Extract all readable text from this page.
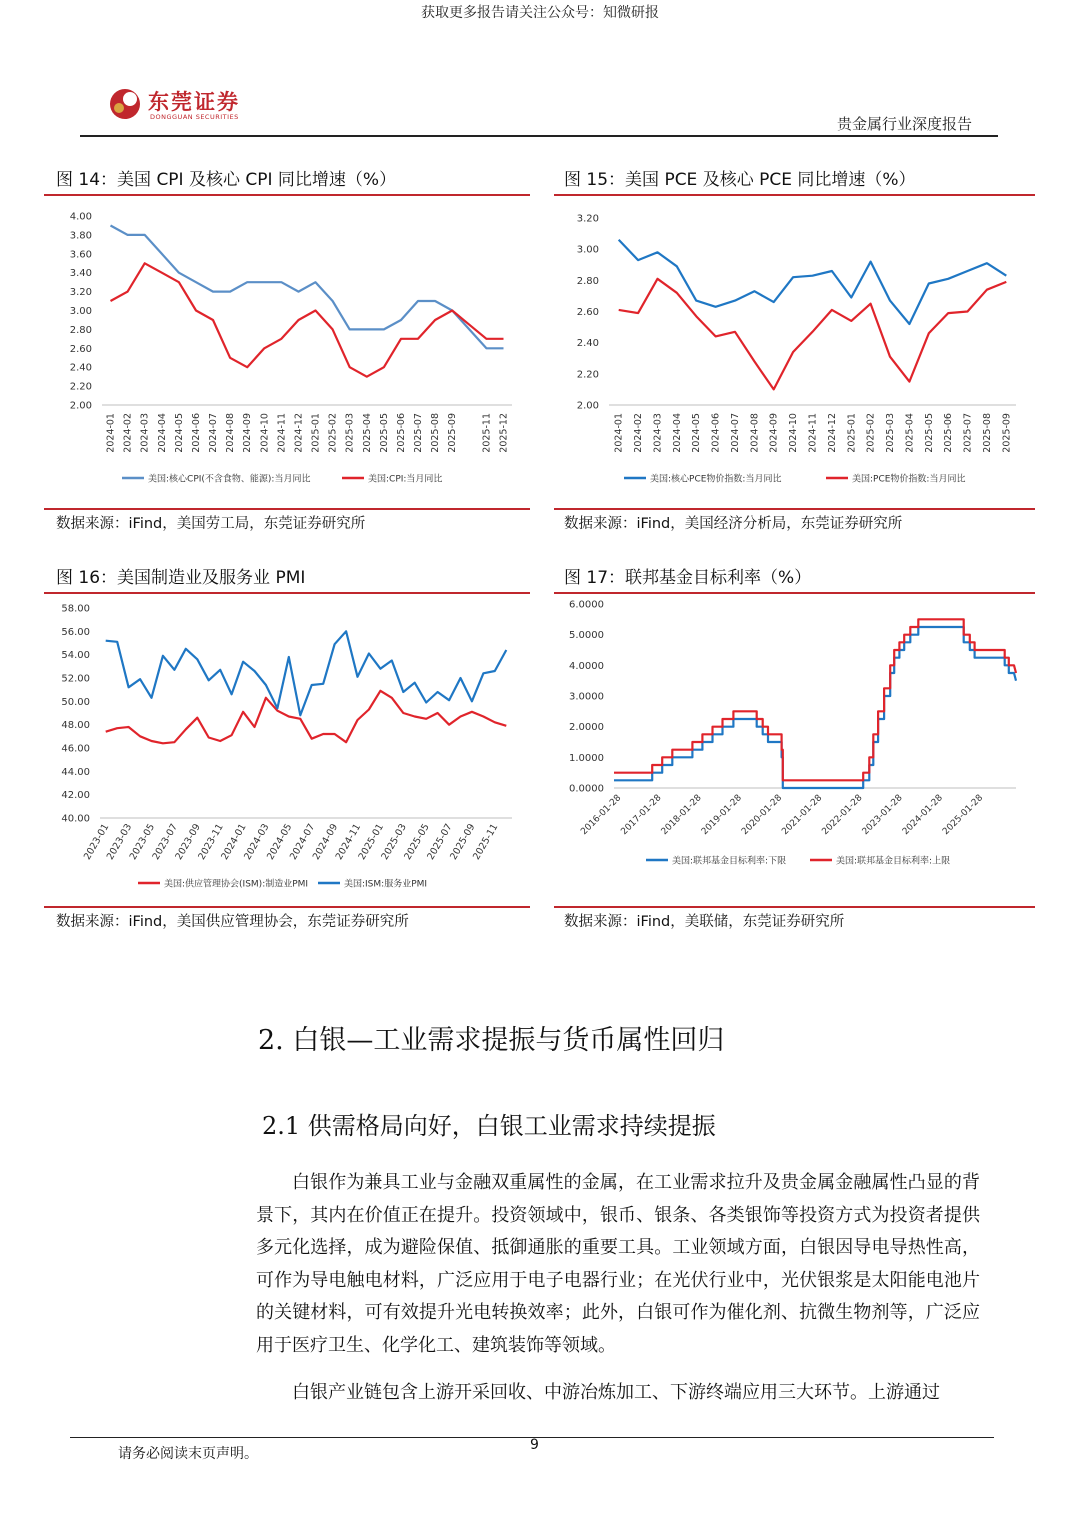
获取更多报告请关注公众号：知微研报
东莞证券
DONGGUAN SECURITIES	贵金属行业深度报告
图 14：美国 CPI 及核心 CPI 同比增速（%）
4.00
3.80
3.60
3.40
3.20
3.00
2.80
2.60
2.40
2.20
2.00
2024-01 2024-02 2024-03 2024-04 2024-05 2024-06 2024-07 2024-08 2024-09 2024-10 2024-11 2024-12 2025-01 2025-02 2025-03 2025-04 2025-05 2025-06 2025-07 2025-08 2025-09 2025-11 2025-12
美国:核心CPI(不含食物、能源):当月同比	美国:CPI:当月同比
数据来源：iFind，美国劳工局，东莞证券研究所
图 15：美国 PCE 及核心 PCE 同比增速（%）
3.20
3.00
2.80
2.60
2.40
2.20
2.00
2024-01 2024-02 2024-03 2024-04 2024-05 2024-06 2024-07 2024-08 2024-09 2024-10 2024-11 2024-12 2025-01 2025-02 2025-03 2025-04 2025-05 2025-06 2025-07 2025-08 2025-09
美国:核心PCE物价指数:当月同比	美国:PCE物价指数:当月同比
数据来源：iFind，美国经济分析局，东莞证券研究所
图 16：美国制造业及服务业 PMI
58.00
56.00
54.00
52.00
50.00
48.00
46.00
44.00
42.00
40.00
2023-01
2023-03
2023-05
2023-07
2023-09
2023-11
2024-01
2024-03
2024-05
2024-07
2024-09
2024-11
2025-01
2025-03
2025-05
2025-07
2025-09
2025-11
美国:供应管理协会(ISM):制造业PMI	美国:ISM:服务业PMI
数据来源：iFind，美国供应管理协会，东莞证券研究所
图 17：联邦基金目标利率（%）
6.0000
5.0000
4.0000
3.0000
2.0000
1.0000
0.0000
2016-01-28
2017-01-28
2018-01-28
2019-01-28
2020-01-28
2021-01-28
2022-01-28
2023-01-28
2024-01-28
2025-01-28
美国:联邦基金目标利率:下限	美国:联邦基金目标利率:上限
数据来源：iFind，美联储，东莞证券研究所
2. 白银—工业需求提振与货币属性回归
2.1 供需格局向好，白银工业需求持续提振
白银作为兼具工业与金融双重属性的金属，在工业需求拉升及贵金属金融属性凸显的背景下，其内在价值正在提升。投资领域中，银币、银条、各类银饰等投资方式为投资者提供多元化选择，成为避险保值、抵御通胀的重要工具。工业领域方面，白银因导电导热性高，可作为导电触电材料，广泛应用于电子电器行业；在光伏行业中，光伏银浆是太阳能电池片的关键材料，可有效提升光电转换效率；此外，白银可作为催化剂、抗微生物剂等，广泛应用于医疗卫生、化学化工、建筑装饰等领域。
白银产业链包含上游开采回收、中游冶炼加工、下游终端应用三大环节。上游通过
请务必阅读末页声明。
9
